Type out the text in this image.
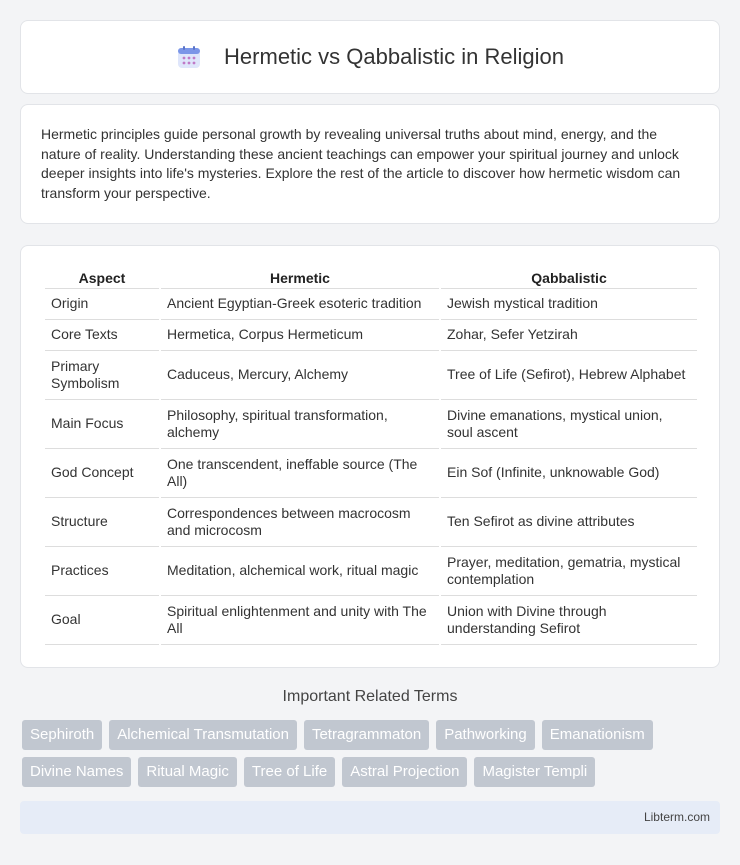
Hermetic vs Qabbalistic in Religion

Hermetic principles guide personal growth by revealing universal truths about mind, energy, and the nature of reality. Understanding these ancient teachings can empower your spiritual journey and unlock deeper insights into life's mysteries. Explore the rest of the article to discover how hermetic wisdom can transform your perspective.

Aspect	Hermetic	Qabbalistic
Origin	Ancient Egyptian-Greek esoteric tradition	Jewish mystical tradition
Core Texts	Hermetica, Corpus Hermeticum	Zohar, Sefer Yetzirah
Primary Symbolism	Caduceus, Mercury, Alchemy	Tree of Life (Sefirot), Hebrew Alphabet
Main Focus	Philosophy, spiritual transformation, alchemy	Divine emanations, mystical union, soul ascent
God Concept	One transcendent, ineffable source (The All)	Ein Sof (Infinite, unknowable God)
Structure	Correspondences between macrocosm and microcosm	Ten Sefirot as divine attributes
Practices	Meditation, alchemical work, ritual magic	Prayer, meditation, gematria, mystical contemplation
Goal	Spiritual enlightenment and unity with The All	Union with Divine through understanding Sefirot
Important Related Terms
Sephiroth	Alchemical Transmutation	Tetragrammaton	Pathworking	Emanationism
Divine Names	Ritual Magic	Tree of Life	Astral Projection	Magister Templi
Libterm.com
